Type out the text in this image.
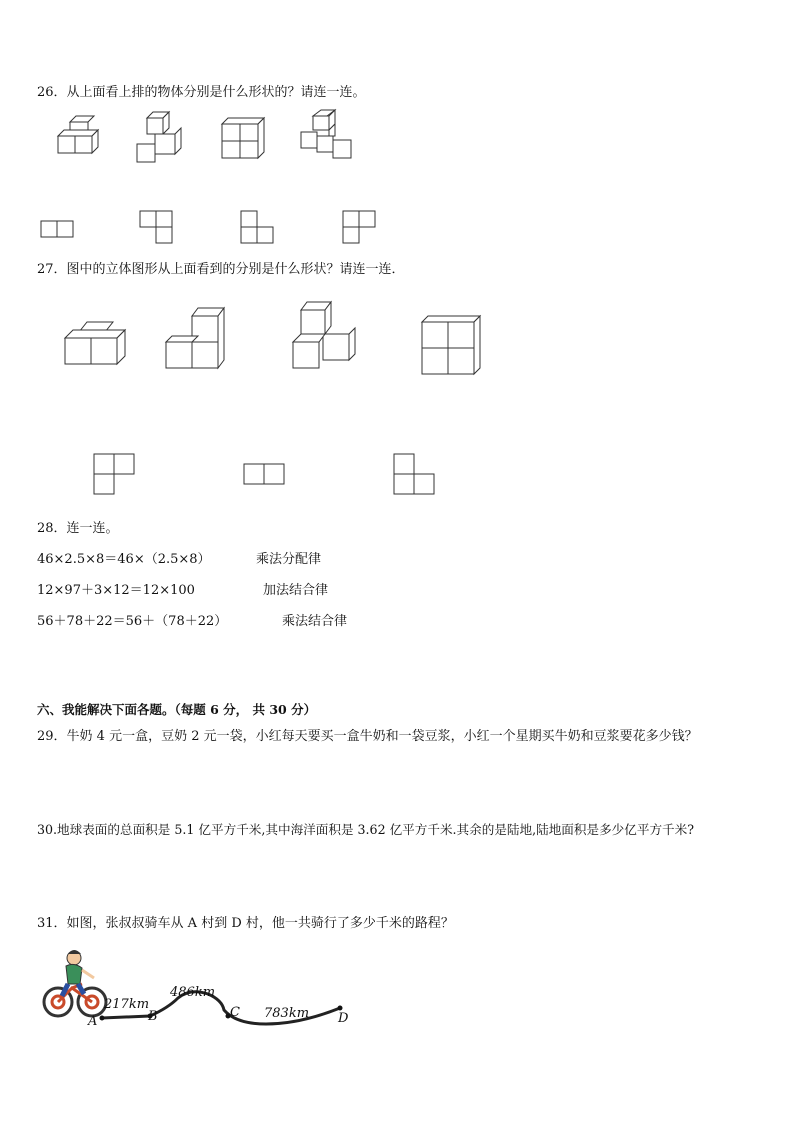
26．从上面看上排的物体分别是什么形状的？请连一连。
27．图中的立体图形从上面看到的分别是什么形状？请连一连．
28．连一连。
46×2.5×8＝46×（2.5×8）	乘法分配律
12×97＋3×12＝12×100	加法结合律
56＋78＋22＝56＋（78＋22）	乘法结合律
六、我能解决下面各题。（每题 6 分， 共 30 分）
29．牛奶 4 元一盒，豆奶 2 元一袋，小红每天要买一盒牛奶和一袋豆浆，小红一个星期买牛奶和豆浆要花多少钱？
30.地球表面的总面积是 5.1 亿平方千米,其中海洋面积是 3.62 亿平方千米.其余的是陆地,陆地面积是多少亿平方千米?
31．如图，张叔叔骑车从 A 村到 D 村，他一共骑行了多少千米的路程？
A	B	C	D
217km
486km
783km
